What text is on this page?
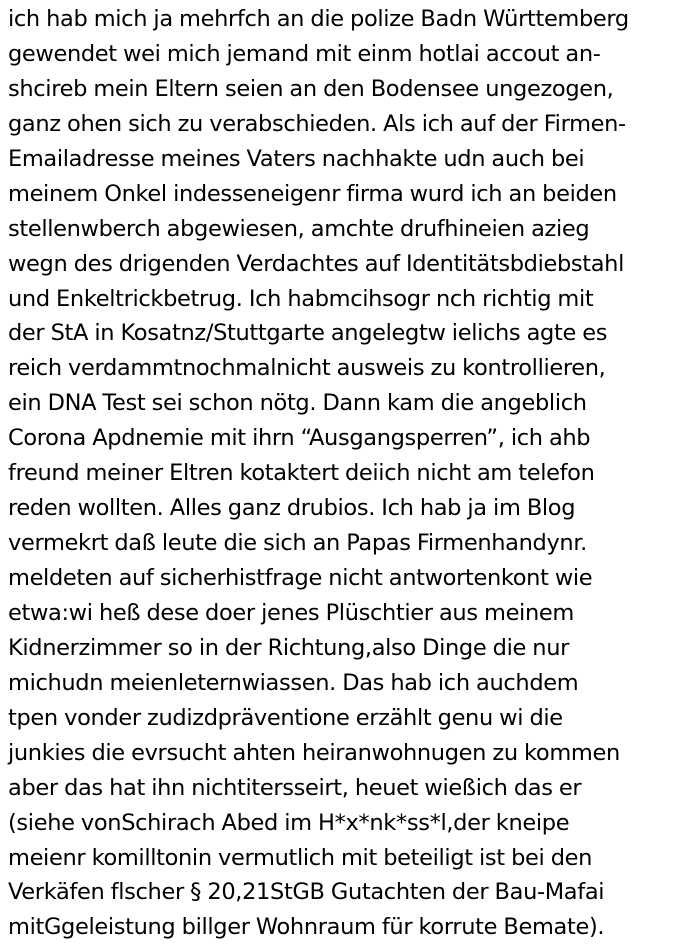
ich hab mich ja mehrfch an die polize Badn Württemberg
gewendet wei mich jemand mit einm hotlai accout an-
shcireb mein Eltern seien an den Bodensee ungezogen,
ganz ohen sich zu verabschieden. Als ich auf der Firmen-
Emailadresse meines Vaters nachhakte udn auch bei
meinem Onkel indesseneigenr firma wurd ich an beiden
stellenwberch abgewiesen, amchte drufhineien azieg
wegn des drigenden Verdachtes auf Identitätsbdiebstahl
und Enkeltrickbetrug. Ich habmcihsogr nch richtig mit
der StA in Kosatnz/Stuttgarte angelegtw ielichs agte es
reich verdammtnochmalnicht ausweis zu kontrollieren,
ein DNA Test sei schon nötg. Dann kam die angeblich
Corona Apdnemie mit ihrn “Ausgangsperren”, ich ahb
freund meiner Eltren kotaktert deiich nicht am telefon
reden wollten. Alles ganz drubios. Ich hab ja im Blog
vermekrt daß leute die sich an Papas Firmenhandynr.
meldeten auf sicherhistfrage nicht antwortenkont wie
etwa:wi heß dese doer jenes Plüschtier aus meinem
Kidnerzimmer so in der Richtung,also Dinge die nur
michudn meienleternwiassen. Das hab ich auchdem
tpen vonder zudizdpräventione erzählt genu wi die
junkies die evrsucht ahten heiranwohnugen zu kommen
aber das hat ihn nichtitersseirt, heuet wießich das er
(siehe vonSchirach Abed im H*x*nk*ss*l,der kneipe
meienr komilltonin vermutlich mit beteiligt ist bei den
Verkäfen flscher § 20,21StGB Gutachten der Bau-Mafai
mitGgeleistung billger Wohnraum für korrute Bemate).
